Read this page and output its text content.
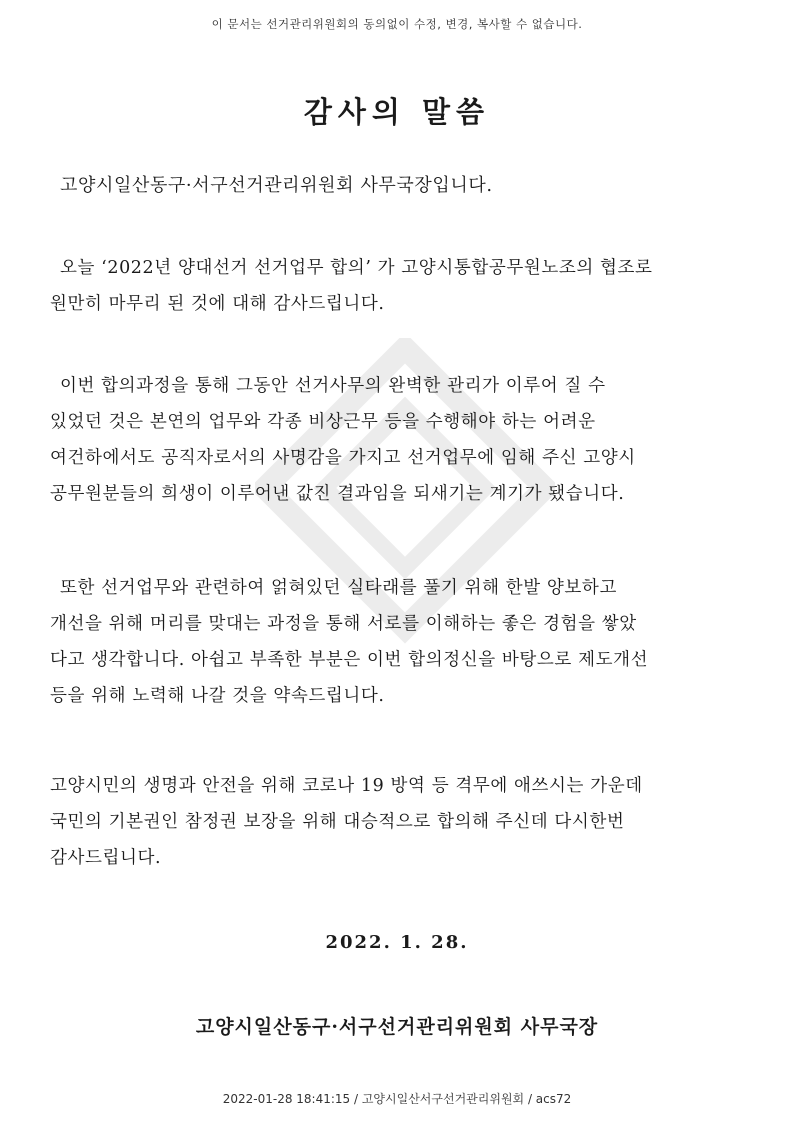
이 문서는 선거관리위원회의 동의없이 수정, 변경, 복사할 수 없습니다.
감사의 말씀
고양시일산동구·서구선거관리위원회 사무국장입니다.
오늘 ‘2022년 양대선거 선거업무 합의’ 가 고양시통합공무원노조의 협조로
원만히 마무리 된 것에 대해 감사드립니다.
이번 합의과정을 통해 그동안 선거사무의 완벽한 관리가 이루어 질 수
있었던 것은 본연의 업무와 각종 비상근무 등을 수행해야 하는 어려운
여건하에서도 공직자로서의 사명감을 가지고 선거업무에 임해 주신 고양시
공무원분들의 희생이 이루어낸 값진 결과임을 되새기는 계기가 됐습니다.
또한 선거업무와 관련하여 얽혀있던 실타래를 풀기 위해 한발 양보하고
개선을 위해 머리를 맞대는 과정을 통해 서로를 이해하는 좋은 경험을 쌓았
다고 생각합니다. 아쉽고 부족한 부분은 이번 합의정신을 바탕으로 제도개선
등을 위해 노력해 나갈 것을 약속드립니다.
고양시민의 생명과 안전을 위해 코로나 19 방역 등 격무에 애쓰시는 가운데
국민의 기본권인 참정권 보장을 위해 대승적으로 합의해 주신데 다시한번
감사드립니다.
2022. 1. 28.
고양시일산동구·서구선거관리위원회 사무국장
2022-01-28 18:41:15 / 고양시일산서구선거관리위원회 / acs72
